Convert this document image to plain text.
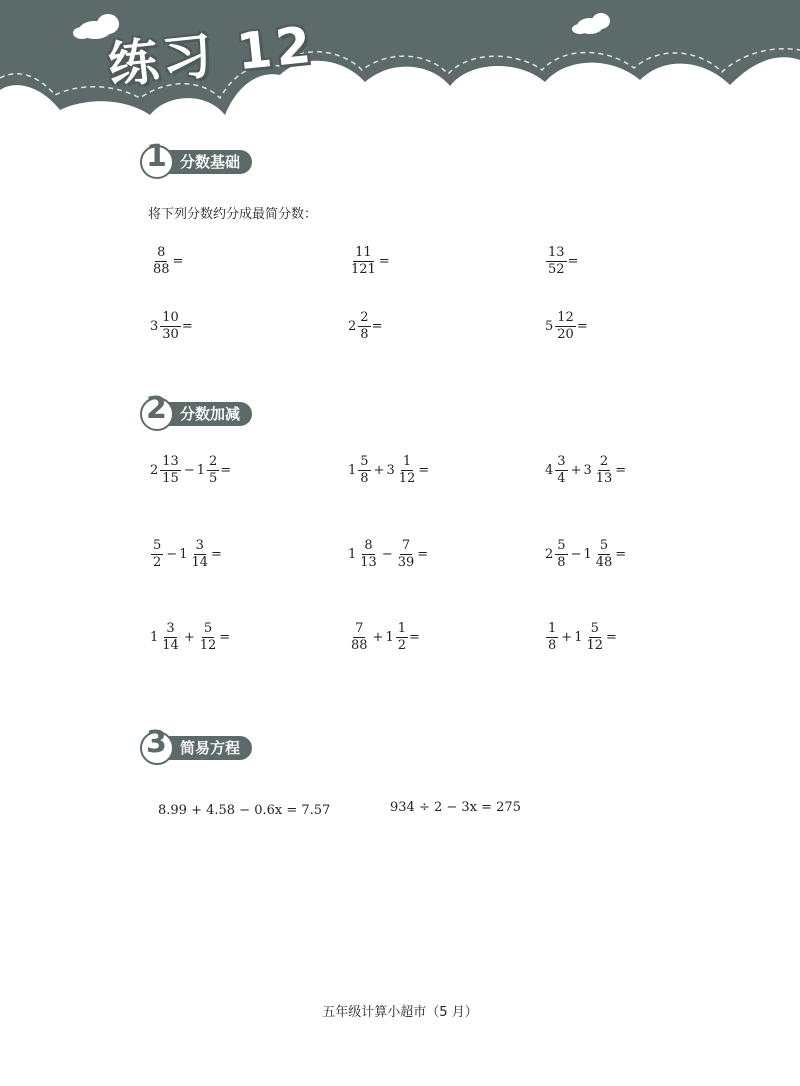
练习 12
1 分数基础
将下列分数约分成最简分数：
$\frac{8}{88}$ =	$\frac{11}{121}$ =	$\frac{13}{52}$ =
$3 \frac{10}{30}$ =	$2 \frac{2}{8}$ =	$5 \frac{12}{20}$ =
2 分数加减
$2 \frac{13}{15} - 1 \frac{2}{5}$ =	$1 \frac{5}{8} + 3 \frac{1}{12}$ =	$4 \frac{3}{4} + 3 \frac{2}{13}$ =
$\frac{5}{2} - 1 \frac{3}{14}$ =	$1 \frac{8}{13} - \frac{7}{39}$ =	$2 \frac{5}{8} - 1 \frac{5}{48}$ =
$1 \frac{3}{14} + \frac{5}{12}$ =	$\frac{7}{88} + 1 \frac{1}{2}$ =	$\frac{1}{8} + 1 \frac{5}{12}$ =
3 简易方程
8.99 + 4.58 − 0.6x = 7.57	934 ÷ 2 − 3x = 275
五年级计算小超市（5 月）
